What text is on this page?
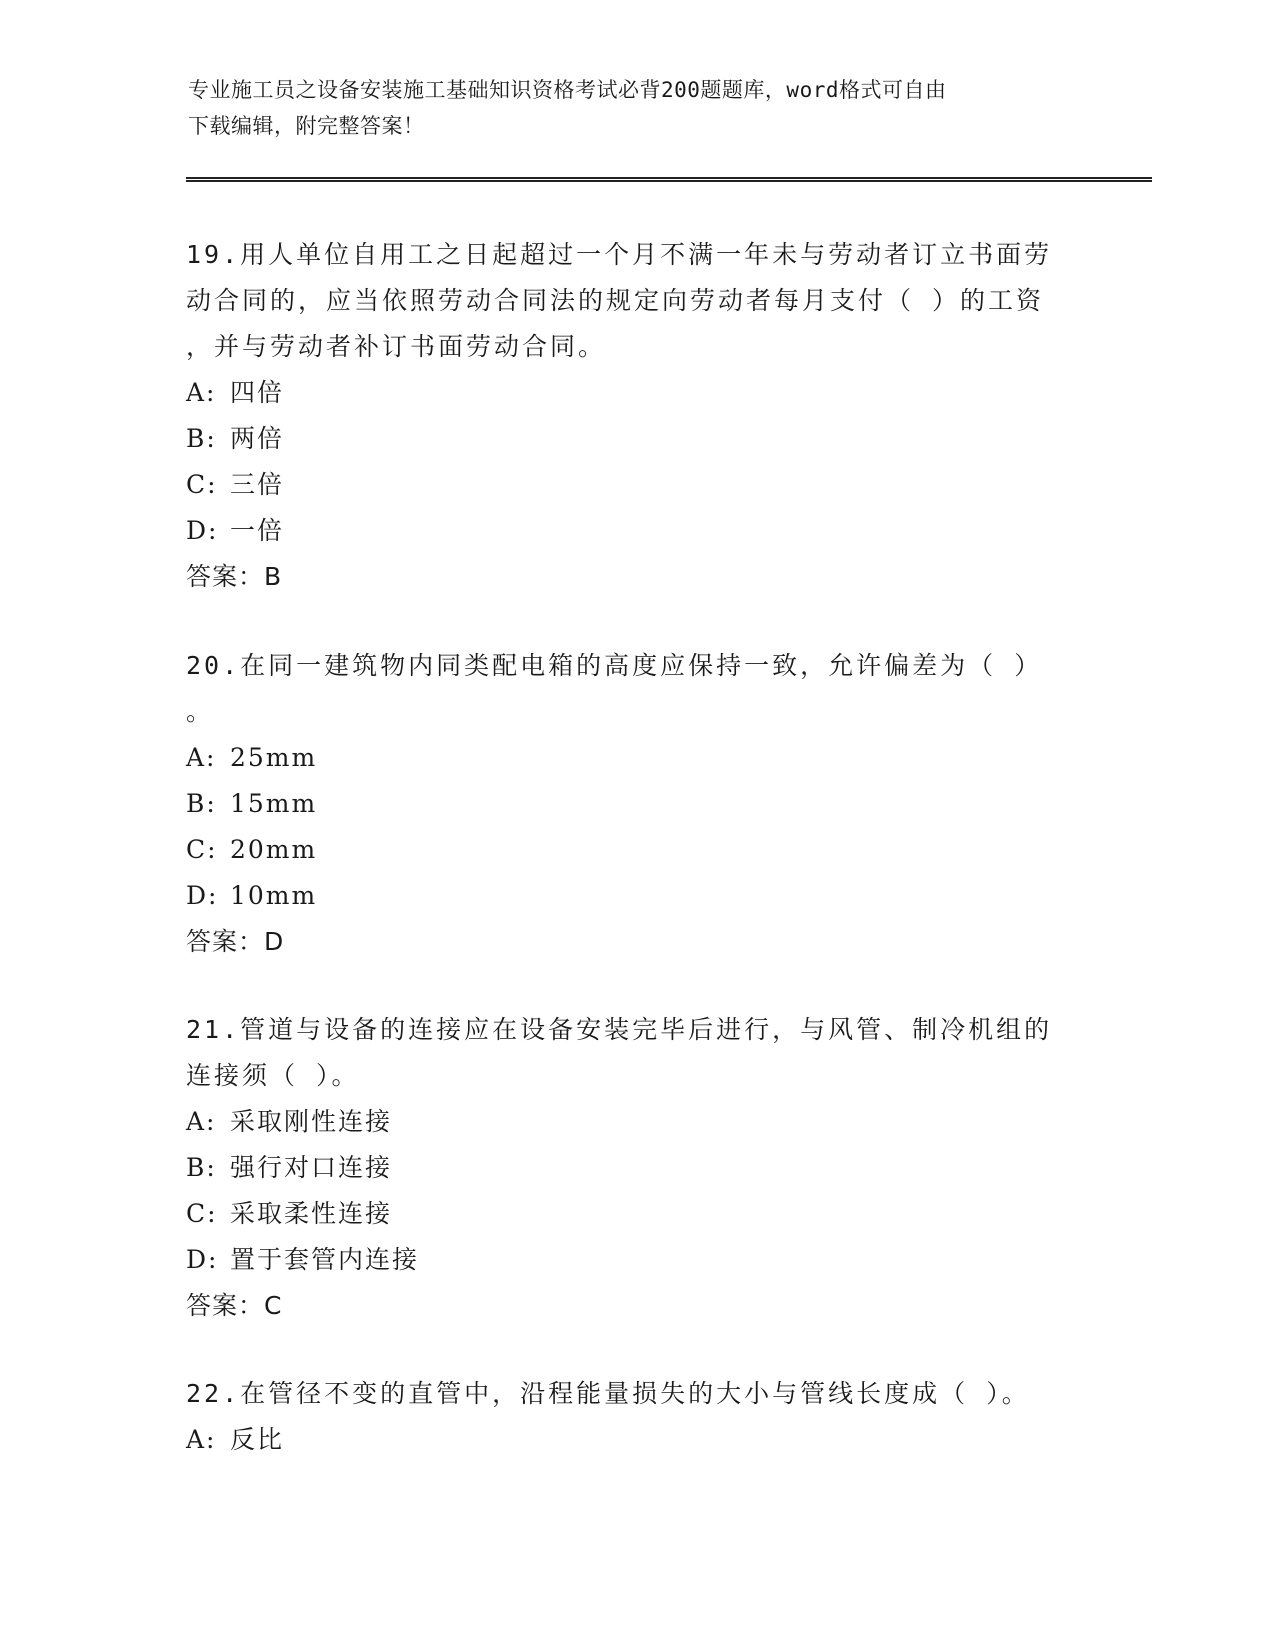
专业施工员之设备安装施工基础知识资格考试必背200题题库，word格式可自由
下载编辑，附完整答案！

19.用人单位自用工之日起超过一个月不满一年未与劳动者订立书面劳

动合同的，应当依照劳动合同法的规定向劳动者每月支付（ ）的工资

，并与劳动者补订书面劳动合同。

A: 四倍

B: 两倍

C: 三倍

D: 一倍

答案：B

20.在同一建筑物内同类配电箱的高度应保持一致，允许偏差为（ ）

。

A: 25mm

B: 15mm

C: 20mm

D: 10mm

答案：D

21.管道与设备的连接应在设备安装完毕后进行，与风管、制冷机组的

连接须（ ）。

A: 采取刚性连接

B: 强行对口连接

C: 采取柔性连接

D: 置于套管内连接

答案：C

22.在管径不变的直管中，沿程能量损失的大小与管线长度成（ ）。

A: 反比
